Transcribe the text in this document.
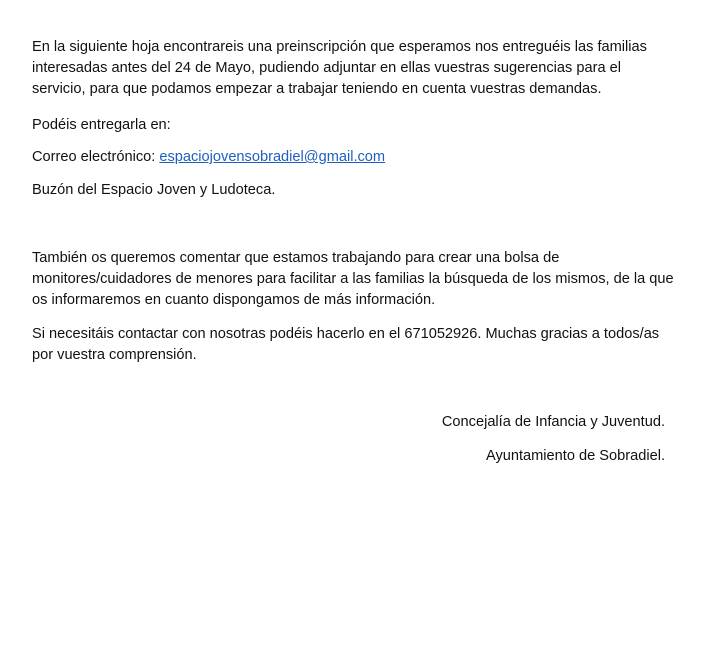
En la siguiente hoja encontrareis una preinscripción que esperamos nos entreguéis las familias interesadas antes del 24 de Mayo, pudiendo adjuntar en ellas vuestras sugerencias para el servicio, para que podamos empezar a trabajar teniendo en cuenta vuestras demandas.

Podéis entregarla en:

Correo electrónico: espaciojovensobradiel@gmail.com

Buzón del Espacio Joven y Ludoteca.

También os queremos comentar que estamos trabajando para crear una bolsa de monitores/cuidadores de menores para facilitar a las familias la búsqueda de los mismos, de la que os informaremos en cuanto dispongamos de más información.

Si necesitáis contactar con nosotras podéis hacerlo en el 671052926. Muchas gracias a todos/as por vuestra comprensión.

Concejalía de Infancia y Juventud.

Ayuntamiento de Sobradiel.
